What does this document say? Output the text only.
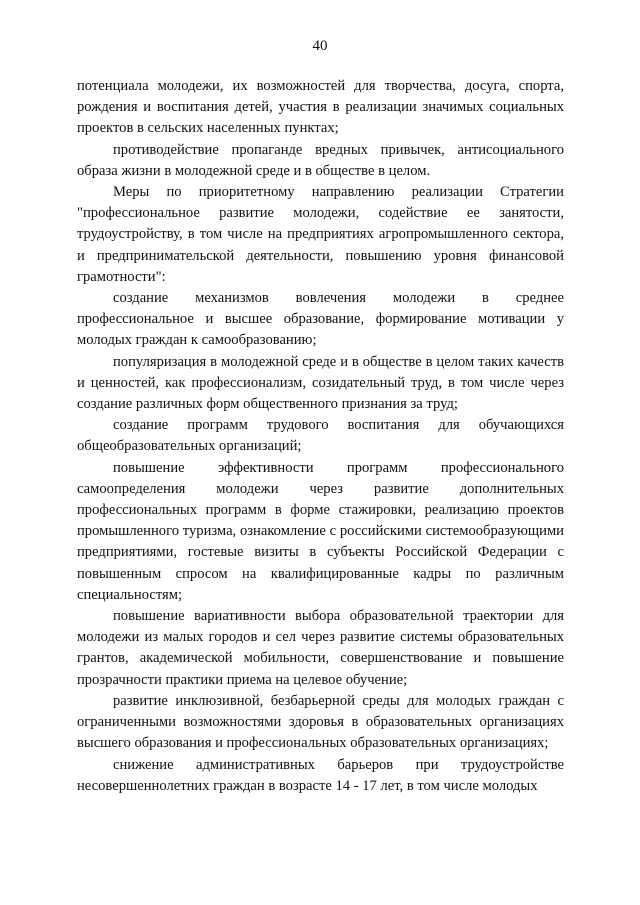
40

потенциала молодежи, их возможностей для творчества, досуга, спорта, рождения и воспитания детей, участия в реализации значимых социальных проектов в сельских населенных пунктах;

противодействие пропаганде вредных привычек, антисоциального образа жизни в молодежной среде и в обществе в целом.

Меры по приоритетному направлению реализации Стратегии "профессиональное развитие молодежи, содействие ее занятости, трудоустройству, в том числе на предприятиях агропромышленного сектора, и предпринимательской деятельности, повышению уровня финансовой грамотности":

создание механизмов вовлечения молодежи в среднее профессиональное и высшее образование, формирование мотивации у молодых граждан к самообразованию;

популяризация в молодежной среде и в обществе в целом таких качеств и ценностей, как профессионализм, созидательный труд, в том числе через создание различных форм общественного признания за труд;

создание программ трудового воспитания для обучающихся общеобразовательных организаций;

повышение эффективности программ профессионального самоопределения молодежи через развитие дополнительных профессиональных программ в форме стажировки, реализацию проектов промышленного туризма, ознакомление с российскими системообразующими предприятиями, гостевые визиты в субъекты Российской Федерации с повышенным спросом на квалифицированные кадры по различным специальностям;

повышение вариативности выбора образовательной траектории для молодежи из малых городов и сел через развитие системы образовательных грантов, академической мобильности, совершенствование и повышение прозрачности практики приема на целевое обучение;

развитие инклюзивной, безбарьерной среды для молодых граждан с ограниченными возможностями здоровья в образовательных организациях высшего образования и профессиональных образовательных организациях;

снижение административных барьеров при трудоустройстве несовершеннолетних граждан в возрасте 14 - 17 лет, в том числе молодых
